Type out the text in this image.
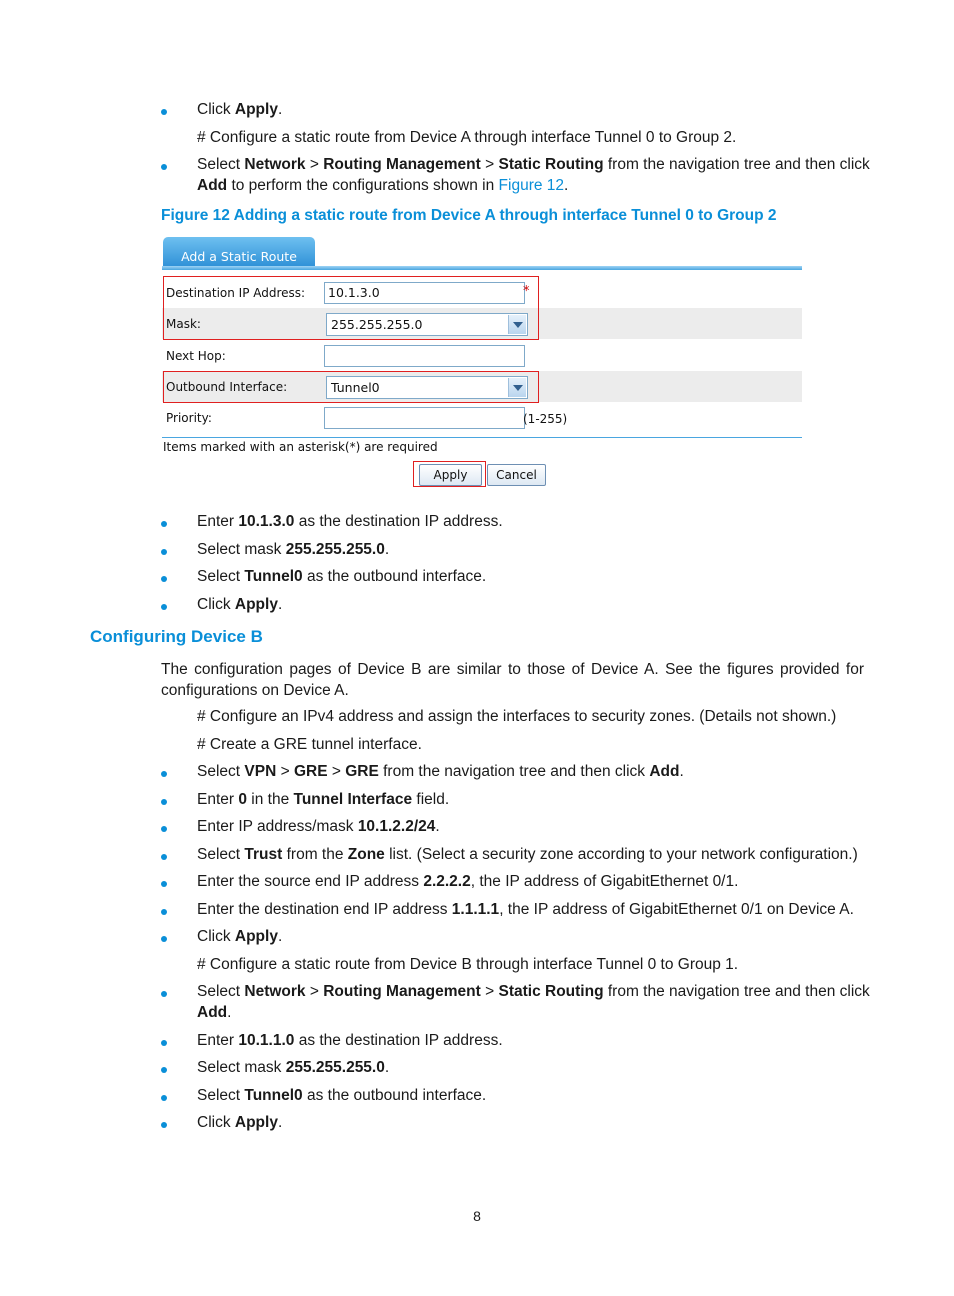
Click Apply.
# Configure a static route from Device A through interface Tunnel 0 to Group 2.
Select Network > Routing Management > Static Routing from the navigation tree and then click
Add to perform the configurations shown in Figure 12.
Figure 12 Adding a static route from Device A through interface Tunnel 0 to Group 2
Add a Static Route
Destination IP Address:	10.1.3.0	*
Mask:	255.255.255.0
Next Hop:
Outbound Interface:	Tunnel0
Priority:	(1-255)
Items marked with an asterisk(*) are required
Apply	Cancel
Enter 10.1.3.0 as the destination IP address.
Select mask 255.255.255.0.
Select Tunnel0 as the outbound interface.
Click Apply.
Configuring Device B
The configuration pages of Device B are similar to those of Device A. See the figures provided for
configurations on Device A.
# Configure an IPv4 address and assign the interfaces to security zones. (Details not shown.)
# Create a GRE tunnel interface.
Select VPN > GRE > GRE from the navigation tree and then click Add.
Enter 0 in the Tunnel Interface field.
Enter IP address/mask 10.1.2.2/24.
Select Trust from the Zone list. (Select a security zone according to your network configuration.)
Enter the source end IP address 2.2.2.2, the IP address of GigabitEthernet 0/1.
Enter the destination end IP address 1.1.1.1, the IP address of GigabitEthernet 0/1 on Device A.
Click Apply.
# Configure a static route from Device B through interface Tunnel 0 to Group 1.
Select Network > Routing Management > Static Routing from the navigation tree and then click
Add.
Enter 10.1.1.0 as the destination IP address.
Select mask 255.255.255.0.
Select Tunnel0 as the outbound interface.
Click Apply.
8
